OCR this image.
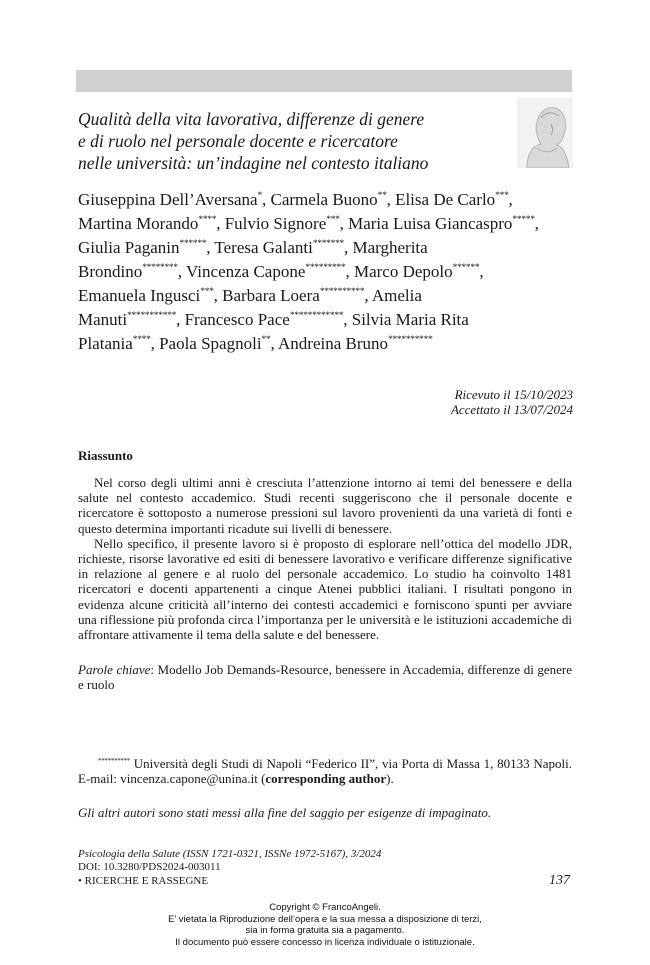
Qualità della vita lavorativa, differenze di genere
e di ruolo nel personale docente e ricercatore
nelle università: un’indagine nel contesto italiano
Giuseppina Dell’Aversana*, Carmela Buono**, Elisa De Carlo***,
Martina Morando****, Fulvio Signore***, Maria Luisa Giancaspro*****,
Giulia Paganin******, Teresa Galanti*******, Margherita
Brondino********, Vincenza Capone*********, Marco Depolo******,
Emanuela Ingusci***, Barbara Loera**********, Amelia
Manuti***********, Francesco Pace************, Silvia Maria Rita
Platania****, Paola Spagnoli**, Andreina Bruno**********
Ricevuto il 15/10/2023
Accettato il 13/07/2024
Riassunto

Nel corso degli ultimi anni è cresciuta l’attenzione intorno ai temi del benessere e della salute nel contesto accademico. Studi recenti suggeriscono che il personale docente e ricercatore è sottoposto a numerose pressioni sul lavoro provenienti da una varietà di fonti e questo determina importanti ricadute sui livelli di benessere.

Nello specifico, il presente lavoro si è proposto di esplorare nell’ottica del modello JDR, richieste, risorse lavorative ed esiti di benessere lavorativo e verificare differenze significative in relazione al genere e al ruolo del personale accademico. Lo studio ha coinvolto 1481 ricercatori e docenti appartenenti a cinque Atenei pubblici italiani. I risultati pongono in evidenza alcune criticità all’interno dei contesti accademici e forniscono spunti per avviare una riflessione più profonda circa l’importanza per le università e le istituzioni accademiche di affrontare attivamente il tema della salute e del benessere.

Parole chiave: Modello Job Demands-Resource, benessere in Accademia, differenze di genere e ruolo
********** Università degli Studi di Napoli “Federico II”, via Porta di Massa 1, 80133 Napoli. E-mail: vincenza.capone@unina.it (corresponding author).
Gli altri autori sono stati messi alla fine del saggio per esigenze di impaginato.
Psicologia della Salute (ISSN 1721-0321, ISSNe 1972-5167), 3/2024
DOI: 10.3280/PDS2024-003011
• RICERCHE E RASSEGNE	137
Copyright © FrancoAngeli.
E’ vietata la Riproduzione dell’opera e la sua messa a disposizione di terzi,
sia in forma gratuita sia a pagamento.
Il documento può essere concesso in licenza individuale o istituzionale.
